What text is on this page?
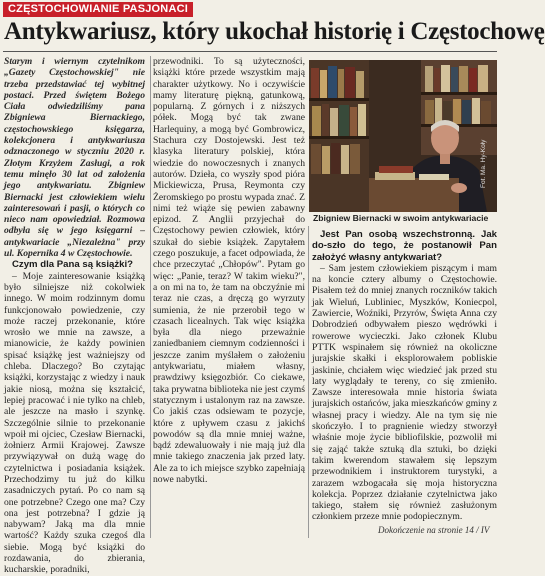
CZĘSTOCHOWIANIE PASJONACI
Antykwariusz, który ukochał historię i Częstochowę

Starym i wiernym czytelnikom „Gazety Częstochowskiej" nie trzeba przedstawiać tej wybitnej postaci. Przed świętem Bożego Ciała odwiedziliśmy pana Zbigniewa Biernackiego, częstochowskiego księgarza, kolekcjonera i antykwariusza odznaczonego w styczniu 2020 r. Złotym Krzyżem Zasługi, a rok temu minęło 30 lat od założenia jego antykwariatu. Zbigniew Biernacki jest człowiekiem wielu zainteresowań i pasji, o których co nieco nam opowiedział. Rozmowa odbyła się w jego księgarni – antykwariacie „Niezależna" przy ul. Kopernika 4 w Częstochowie.

Czym dla Pana są książki?

– Moje zainteresowanie książką było silniejsze niż cokolwiek innego. W moim rodzinnym domu funkcjonowało powiedzenie, czy może raczej przekonanie, które wrosło we mnie na zawsze, a mianowicie, że każdy powinien spisać książkę jest ważniejszy od chleba. Dlaczego? Bo czytając książki, korzystając z wiedzy i nauk jakie niosą, można się kształcić, lepiej pracować i nie tylko na chleb, ale jeszcze na masło i szynkę. Szczególnie silnie to przekonanie wpoił mi ojciec, Czesław Biernacki, żołnierz Armii Krajowej. Zawsze przywiązywał on dużą wagę do czytelnictwa i posiadania książek. Przechodzimy tu już do kilku zasadniczych pytań. Po co nam są one potrzebne? Czego one ma? Czy ona jest potrzebna? I gdzie ją nabywam? Jaką ma dla mnie wartość? Każdy szuka czegoś dla siebie. Mogą być książki do rozdawania, do zbierania, kucharskie, poradniki,

przewodniki. To są użyteczności, książki które przede wszystkim mają charakter użytkowy. No i oczywiście mamy literaturę piękną, gatunkową, popularną. Z górnych i z niższych półek. Mogą być tak zwane Harlequiny, a mogą być Gombrowicz, Stachura czy Dostojewski. Jest też klasyka literatury polskiej, która wiedzie do nowoczesnych i znanych autorów. Dzieła, co wyszły spod pióra Mickiewicza, Prusa, Reymonta czy Żeromskiego po prostu wypada znać. Z nimi też wiąże się pewien zabawny epizod. Z Anglii przyjechał do Częstochowy pewien człowiek, który szukał do siebie książek. Zapytałem czego poszukuje, a facet odpowiada, że chce przeczytać „Chłopów". Pytam go więc: „Panie, teraz? W takim wieku?", a on mi na to, że tam na obczyźnie mi teraz nie czas, a dręczą go wyrzuty sumienia, że nie przerobił tego w czasach licealnych. Tak więc książka była dla niego przeważnie zaniedbaniem ciemnym codzienności i jeszcze zanim myślałem o założeniu antykwariatu, miałem własny, prawdziwy księgozbiór. Co ciekawe, taka prywatna biblioteka nie jest czymś statycznym i ustalonym raz na zawsze. Co jakiś czas odsiewam te pozycje, które z upływem czasu z jakichś powodów są dla mnie mniej ważne, bądź zdewaluowały i nie mają już dla mnie takiego znaczenia jak przed laty. Ale za to ich miejsce szybko zapełniają nowe nabytki.

Fot. Ma. Hy-Koły
Zbigniew Biernacki w swoim antykwariacie

Jest Pan osobą wszechstronną. Jak do-szło do tego, że postanowił Pan założyć własny antykwariat?

– Sam jestem człowiekiem piszącym i mam na koncie cztery albumy o Częstochowie. Pisałem też do mniej znanych roczników takich jak Wieluń, Lubliniec, Myszków, Koniecpol, Zawiercie, Woźniki, Przyrów, Święta Anna czy Dobrodzień odbywałem pieszo wędrówki i rowerowe wycieczki. Jako członek Klubu PTTK wspinałem się również na okoliczne jurajskie skałki i eksplorowałem pobliskie jaskinie, chciałem więc wiedzieć jak przed stu laty wyglądały te tereny, co się zmieniło. Zawsze interesowała mnie historia świata jurajskich ostańców, jaka mieszkańców gminy z własnej pracy i wiedzy. Ale na tym się nie skończyło. I to pragnienie wiedzy stworzył właśnie moje życie bibliofilskie, pozwolił mi się zająć także sztuką dla sztuki, bo dzięki takim kwerendom stawałem się lepszym przewodnikiem i instruktorem turystyki, a zarazem wzbogacała się moja historyczna kolekcja. Poprzez działanie czytelnictwa jako takiego, stałem się również zasłużonym członkiem przeze mnie podopiecznym.

Dokończenie na stronie 14 / IV
